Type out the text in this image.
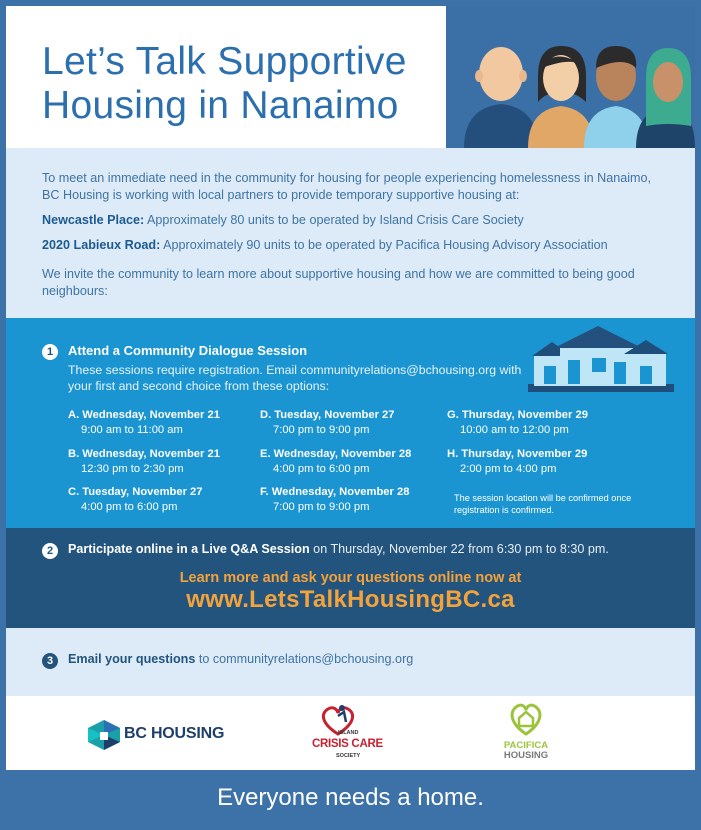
Let’s Talk Supportive
Housing in Nanaimo

To meet an immediate need in the community for housing for people experiencing homelessness in Nanaimo, BC Housing is working with local partners to provide temporary supportive housing at:

Newcastle Place: Approximately 80 units to be operated by Island Crisis Care Society

2020 Labieux Road: Approximately 90 units to be operated by Pacifica Housing Advisory Association

We invite the community to learn more about supportive housing and how we are committed to being good neighbours:

1	Attend a Community Dialogue Session
These sessions require registration. Email communityrelations@bchousing.org with your first and second choice from these options:
A. Wednesday, November 21
9:00 am to 11:00 am
B. Wednesday, November 21
12:30 pm to 2:30 pm
C. Tuesday, November 27
4:00 pm to 6:00 pm
D. Tuesday, November 27
7:00 pm to 9:00 pm
E. Wednesday, November 28
4:00 pm to 6:00 pm
F. Wednesday, November 28
7:00 pm to 9:00 pm
G. Thursday, November 29
10:00 am to 12:00 pm
H. Thursday, November 29
2:00 pm to 4:00 pm
The session location will be confirmed once registration is confirmed.
2	Participate online in a Live Q&A Session on Thursday, November 22 from 6:30 pm to 8:30 pm.
Learn more and ask your questions online now at
www.LetsTalkHousingBC.ca
3	Email your questions to communityrelations@bchousing.org
BC HOUSING	ISLAND
CRISIS CARE
SOCIETY
PACIFICA
HOUSING
Everyone needs a home.
